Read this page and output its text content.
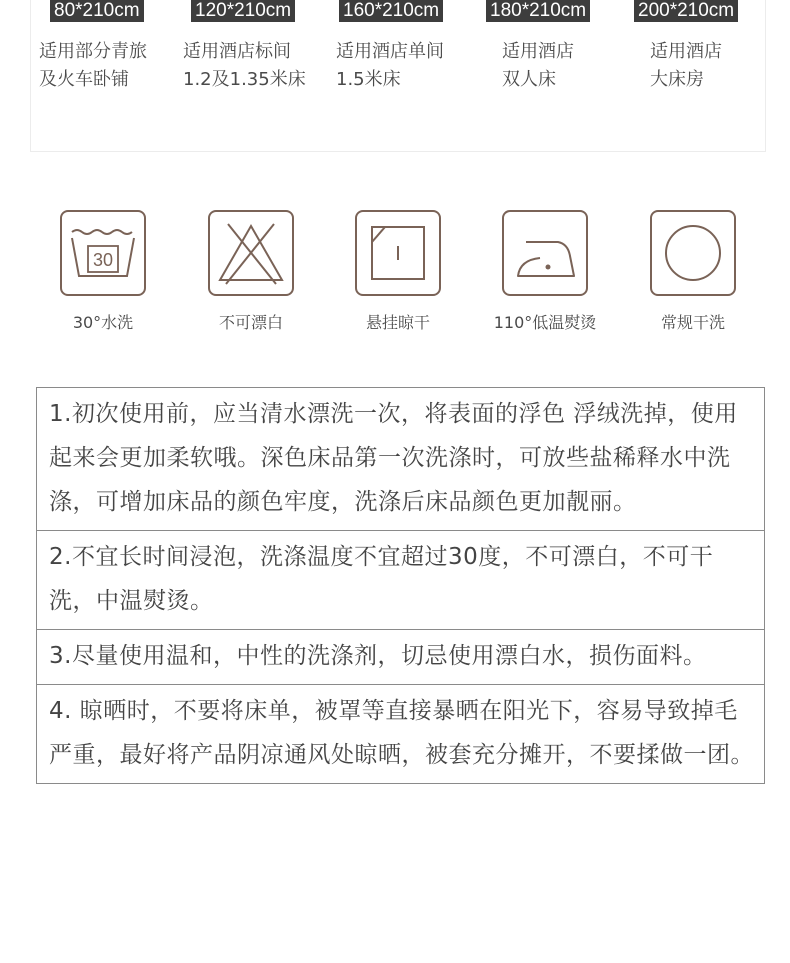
80*210cm
适用部分青旅
及火车卧铺
120*210cm
适用酒店标间
1.2及1.35米床
160*210cm
适用酒店单间
1.5米床
180*210cm
适用酒店
双人床
200*210cm
适用酒店
大床房
30
30°水洗	不可漂白	悬挂晾干	110°低温熨烫	常规干洗
1.初次使用前，应当清水漂洗一次，将表面的浮色 浮绒洗掉，使用起来会更加柔软哦。深色床品第一次洗涤时，可放些盐稀释水中洗涤，可增加床品的颜色牢度，洗涤后床品颜色更加靓丽。
2.不宜长时间浸泡，洗涤温度不宜超过30度，不可漂白，不可干洗，中温熨烫。
3.尽量使用温和，中性的洗涤剂，切忌使用漂白水，损伤面料。
4. 晾晒时，不要将床单，被罩等直接暴晒在阳光下，容易导致掉毛严重，最好将产品阴凉通风处晾晒，被套充分摊开，不要揉做一团。
